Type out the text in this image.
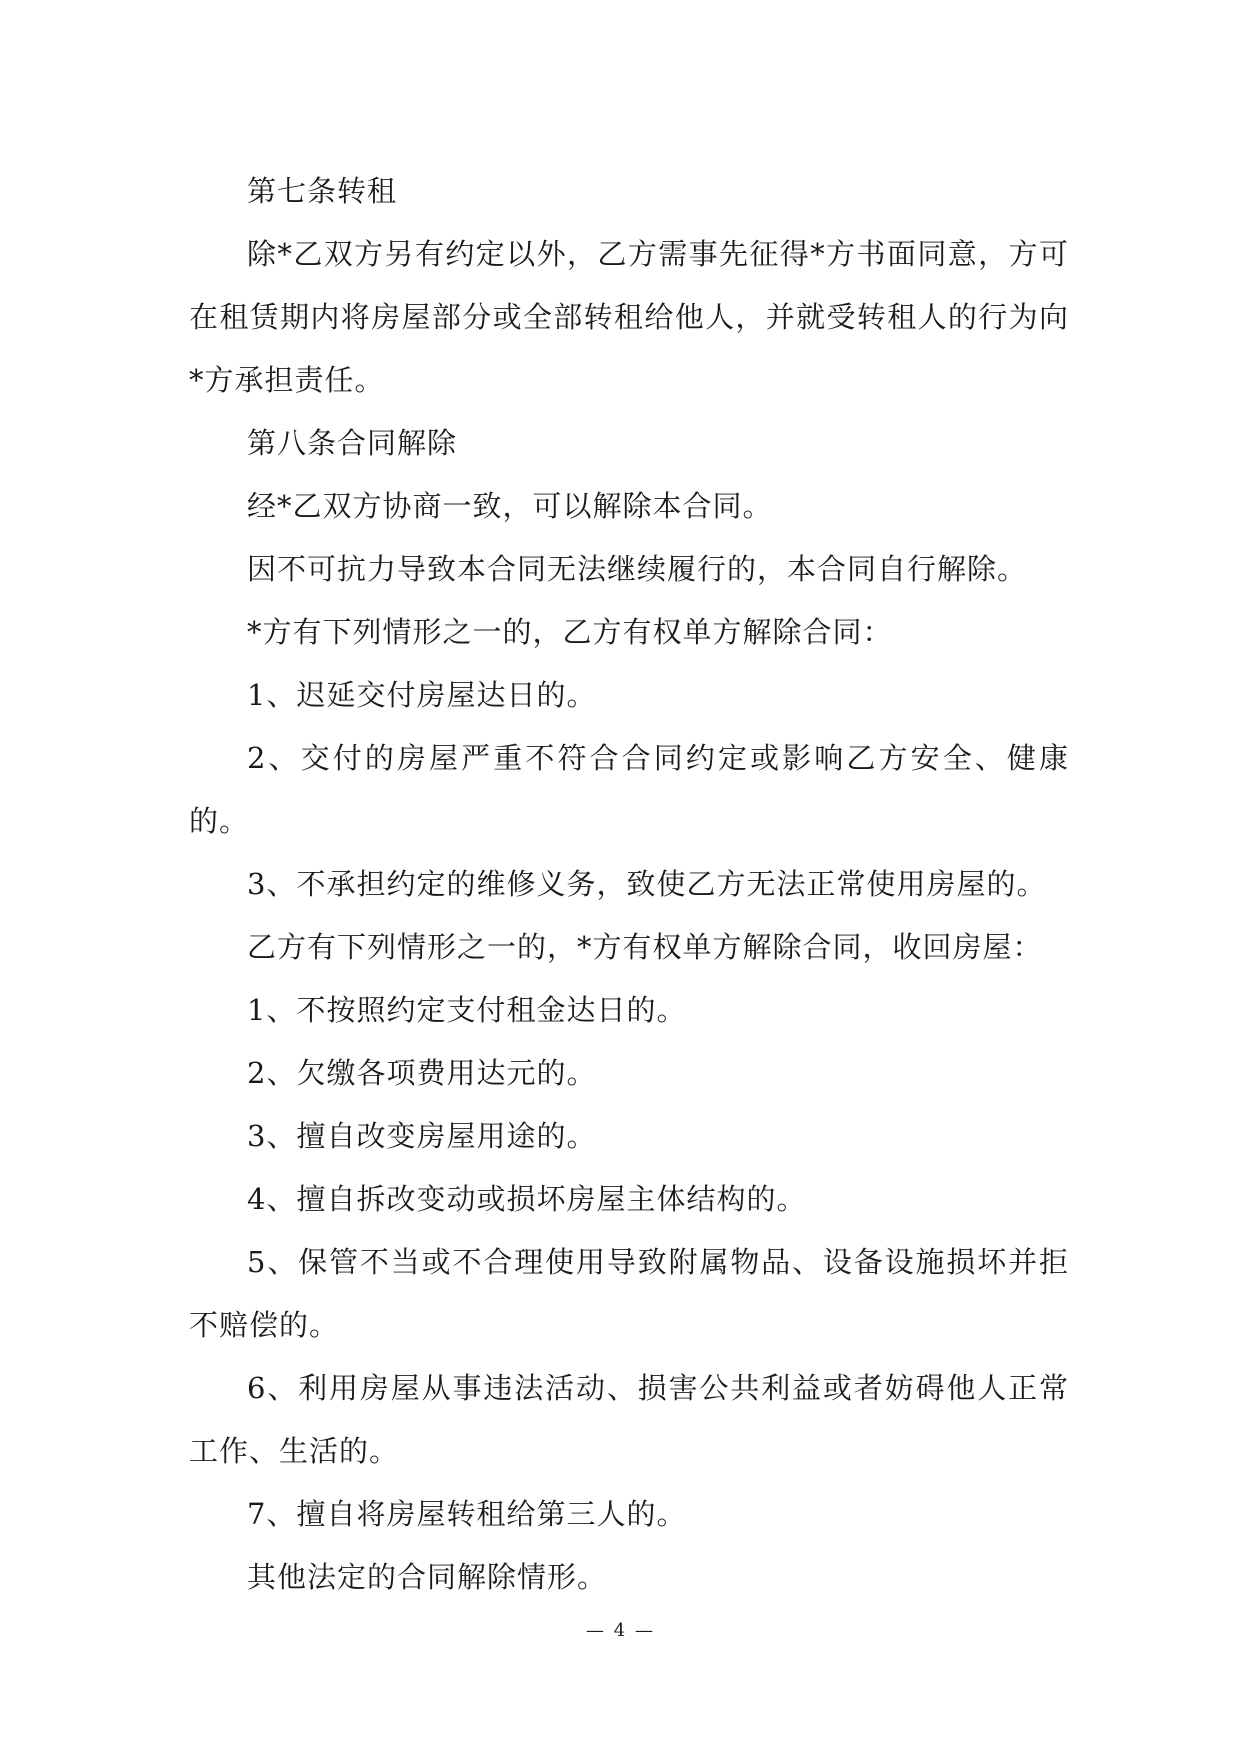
第七条转租

除*乙双方另有约定以外，乙方需事先征得*方书面同意，方可在租赁期内将房屋部分或全部转租给他人，并就受转租人的行为向*方承担责任。

第八条合同解除

经*乙双方协商一致，可以解除本合同。

因不可抗力导致本合同无法继续履行的，本合同自行解除。

*方有下列情形之一的，乙方有权单方解除合同：

1、迟延交付房屋达日的。

2、交付的房屋严重不符合合同约定或影响乙方安全、健康的。

3、不承担约定的维修义务，致使乙方无法正常使用房屋的。

乙方有下列情形之一的，*方有权单方解除合同，收回房屋：

1、不按照约定支付租金达日的。

2、欠缴各项费用达元的。

3、擅自改变房屋用途的。

4、擅自拆改变动或损坏房屋主体结构的。

5、保管不当或不合理使用导致附属物品、设备设施损坏并拒不赔偿的。

6、利用房屋从事违法活动、损害公共利益或者妨碍他人正常工作、生活的。

7、擅自将房屋转租给第三人的。

其他法定的合同解除情形。

— 4 —
